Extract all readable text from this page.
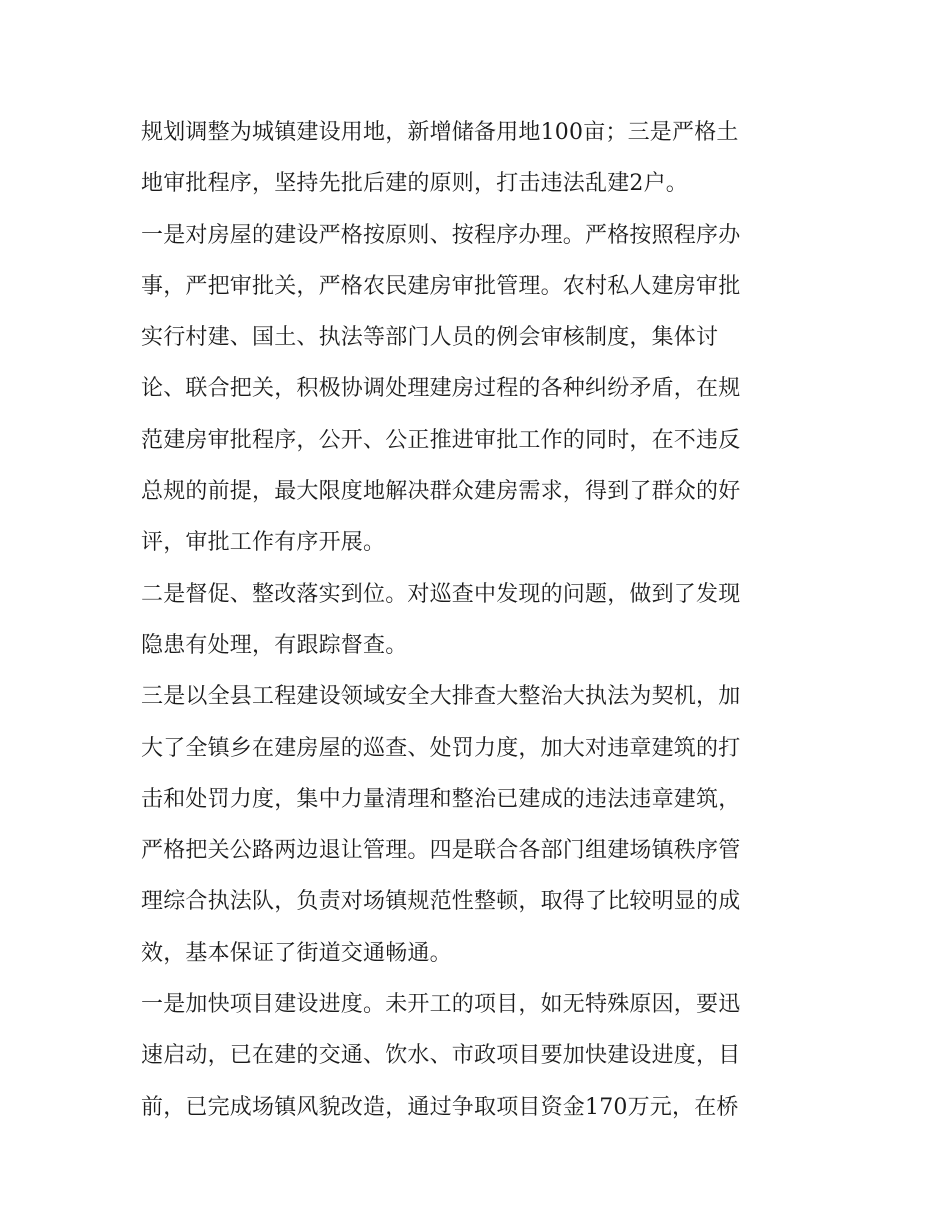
规划调整为城镇建设用地，新增储备用地100亩；三是严格土
地审批程序，坚持先批后建的原则，打击违法乱建2户。
一是对房屋的建设严格按原则、按程序办理。严格按照程序办
事，严把审批关，严格农民建房审批管理。农村私人建房审批
实行村建、国土、执法等部门人员的例会审核制度，集体讨
论、联合把关，积极协调处理建房过程的各种纠纷矛盾，在规
范建房审批程序，公开、公正推进审批工作的同时，在不违反
总规的前提，最大限度地解决群众建房需求，得到了群众的好
评，审批工作有序开展。
二是督促、整改落实到位。对巡查中发现的问题，做到了发现
隐患有处理，有跟踪督查。
三是以全县工程建设领域安全大排查大整治大执法为契机，加
大了全镇乡在建房屋的巡查、处罚力度，加大对违章建筑的打
击和处罚力度，集中力量清理和整治已建成的违法违章建筑，
严格把关公路两边退让管理。四是联合各部门组建场镇秩序管
理综合执法队，负责对场镇规范性整顿，取得了比较明显的成
效，基本保证了街道交通畅通。
一是加快项目建设进度。未开工的项目，如无特殊原因，要迅
速启动，已在建的交通、饮水、市政项目要加快建设进度，目
前，已完成场镇风貌改造，通过争取项目资金170万元，在桥
